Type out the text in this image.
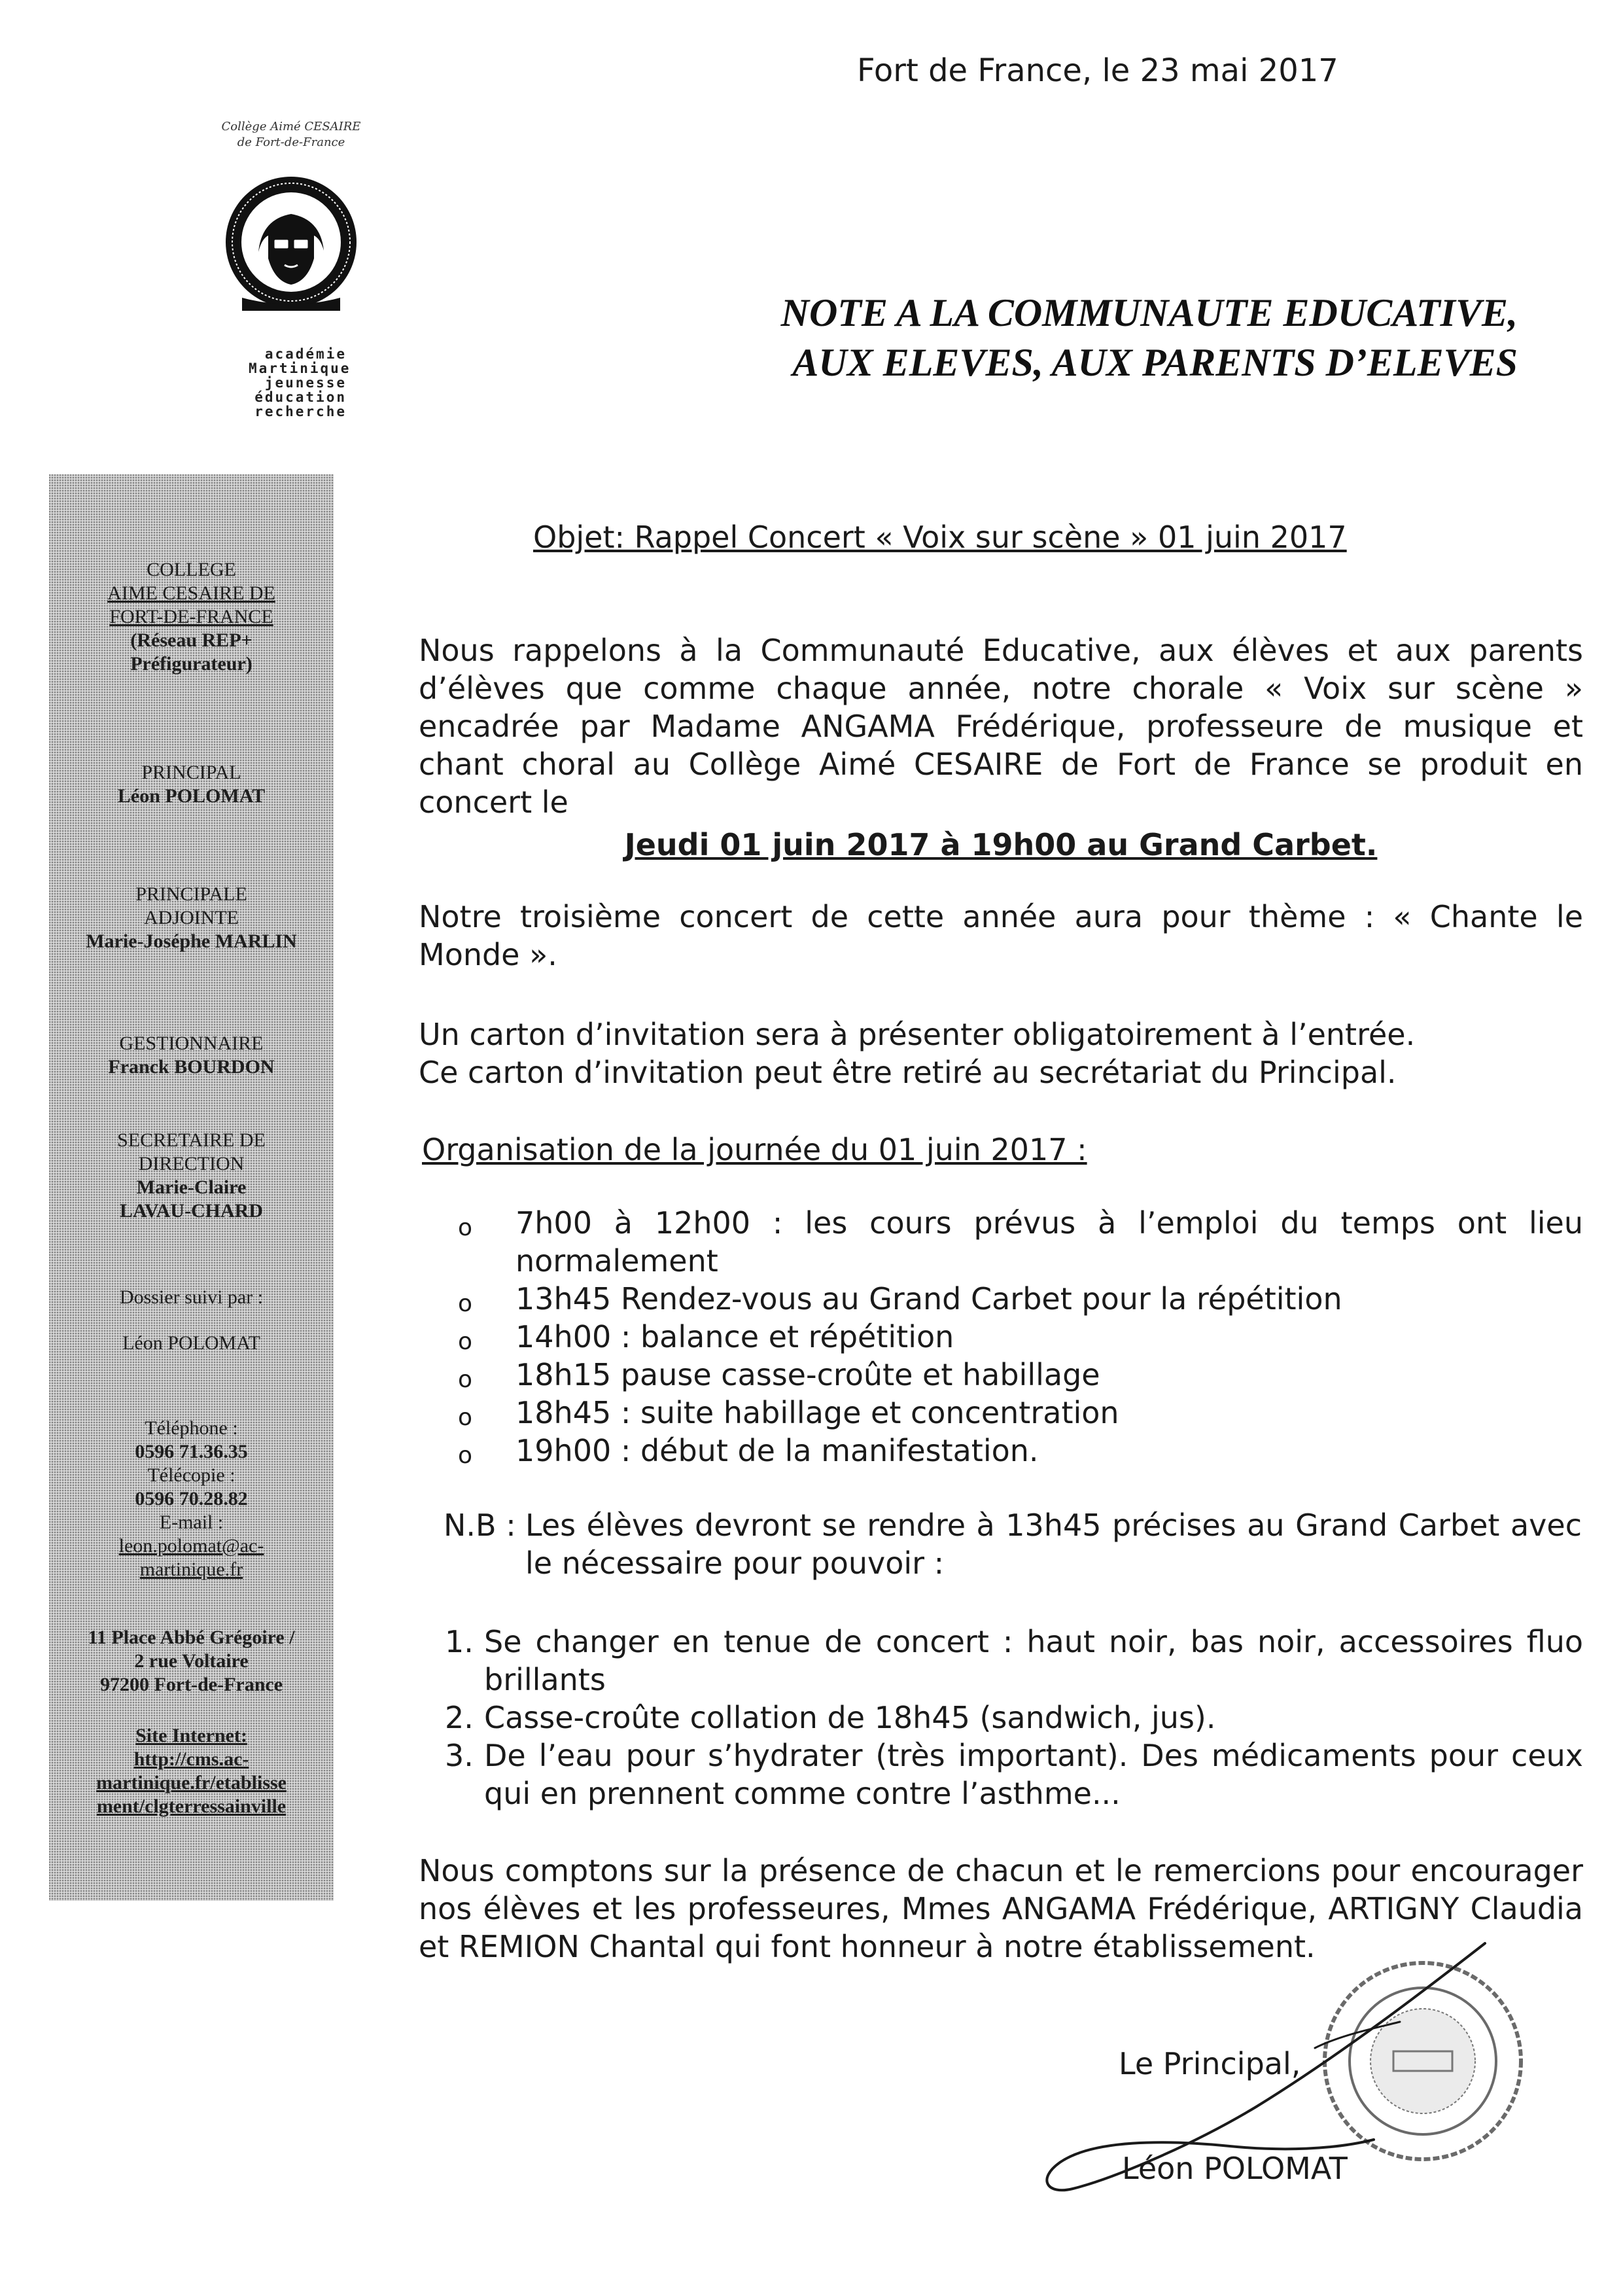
Fort de France, le 23 mai 2017
Collège Aimé CESAIRE
de Fort-de-France
académie
Martinique
jeunesse
éducation
recherche
COLLEGE
AIME CESAIRE DE
FORT-DE-FRANCE
(Réseau REP+
Préfigurateur)
PRINCIPAL
Léon POLOMAT
PRINCIPALE
ADJOINTE
Marie-Joséphe MARLIN
GESTIONNAIRE
Franck BOURDON
SECRETAIRE DE
DIRECTION
Marie-Claire
LAVAU-CHARD
Dossier suivi par :
Léon POLOMAT
Téléphone :
0596 71.36.35
Télécopie :
0596 70.28.82
E-mail :
leon.polomat@ac-
martinique.fr
11 Place Abbé Grégoire /
2 rue Voltaire
97200 Fort-de-France
Site Internet:
http://cms.ac-
martinique.fr/etablisse
ment/clgterressainville
NOTE A LA COMMUNAUTE EDUCATIVE,
AUX ELEVES, AUX PARENTS D’ELEVES
Objet: Rappel Concert « Voix sur scène » 01 juin 2017
Nous rappelons à la Communauté Educative, aux élèves et aux parents d’élèves que comme chaque année, notre chorale « Voix sur scène » encadrée par Madame ANGAMA Frédérique, professeure de musique et chant choral au Collège Aimé CESAIRE de Fort de France se produit en concert le
Jeudi 01 juin 2017 à 19h00 au Grand Carbet.
Notre troisième concert de cette année aura pour thème : « Chante le Monde ».
Un carton d’invitation sera à présenter obligatoirement à l’entrée.
Ce carton d’invitation peut être retiré au secrétariat du Principal.
Organisation de la journée du 01 juin 2017 :
o 7h00 à 12h00 : les cours prévus à l’emploi du temps ont lieu normalement
o 13h45 Rendez-vous au Grand Carbet pour la répétition
o 14h00 : balance et répétition
o 18h15 pause casse-croûte et habillage
o 18h45 : suite habillage et concentration
o 19h00 : début de la manifestation.
N.B : Les élèves devront se rendre à 13h45 précises au Grand Carbet avec le nécessaire pour pouvoir :
1. Se changer en tenue de concert : haut noir, bas noir, accessoires fluo brillants
2. Casse-croûte collation de 18h45 (sandwich, jus).
3. De l’eau pour s’hydrater (très important). Des médicaments pour ceux qui en prennent comme contre l’asthme...
Nous comptons sur la présence de chacun et le remercions pour encourager nos élèves et les professeures, Mmes ANGAMA Frédérique, ARTIGNY Claudia et REMION Chantal qui font honneur à notre établissement.
Le Principal,
Léon POLOMAT
